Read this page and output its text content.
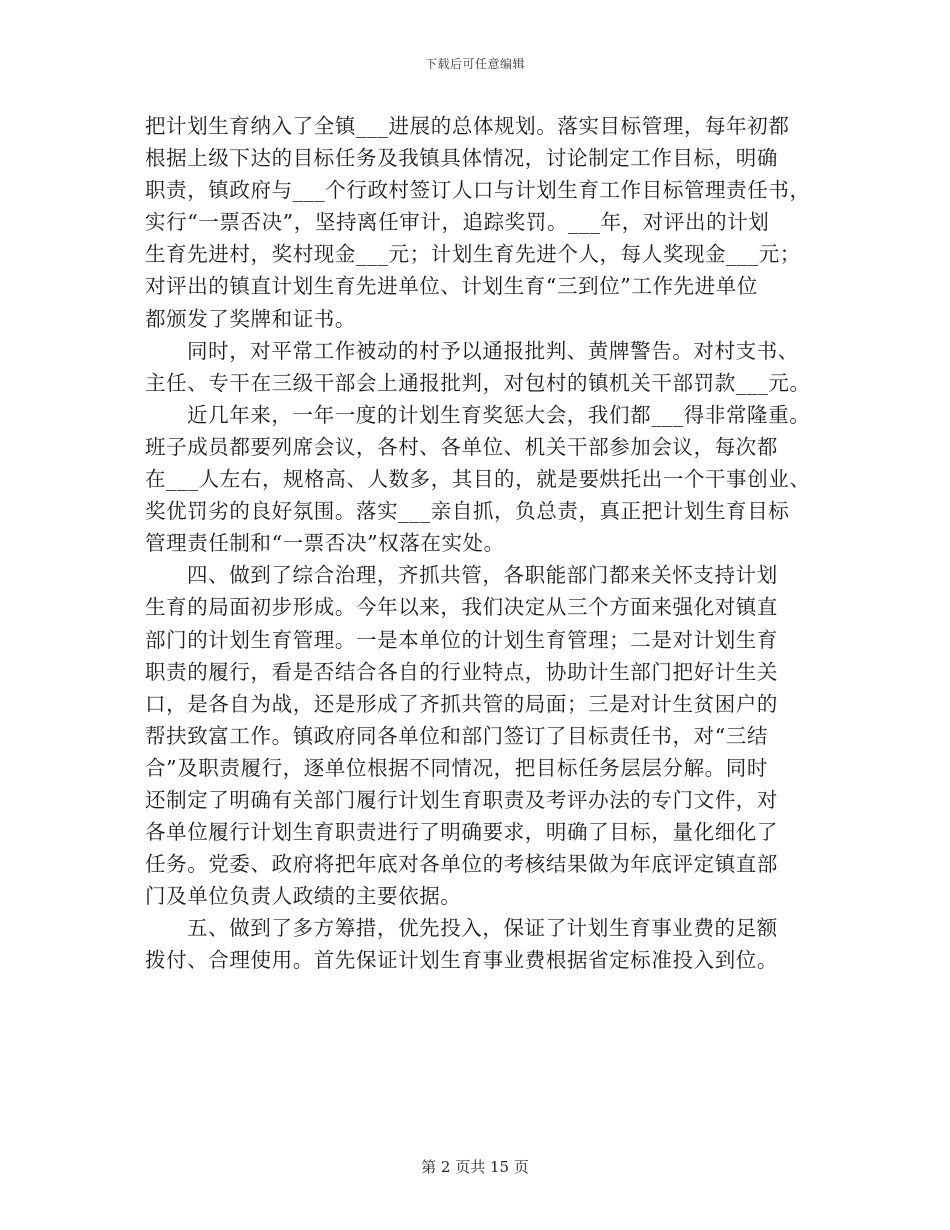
下载后可任意编辑
把计划生育纳入了全镇___进展的总体规划。落实目标管理，每年初都
根据上级下达的目标任务及我镇具体情况，讨论制定工作目标，明确
职责，镇政府与___个行政村签订人口与计划生育工作目标管理责任书，
实行“一票否决”，坚持离任审计，追踪奖罚。___年，对评出的计划
生育先进村，奖村现金___元；计划生育先进个人，每人奖现金___元；
对评出的镇直计划生育先进单位、计划生育“三到位”工作先进单位
都颁发了奖牌和证书。
同时，对平常工作被动的村予以通报批判、黄牌警告。对村支书、
主任、专干在三级干部会上通报批判，对包村的镇机关干部罚款___元。
近几年来，一年一度的计划生育奖惩大会，我们都___得非常隆重。
班子成员都要列席会议，各村、各单位、机关干部参加会议，每次都
在___人左右，规格高、人数多，其目的，就是要烘托出一个干事创业、
奖优罚劣的良好氛围。落实___亲自抓，负总责，真正把计划生育目标
管理责任制和“一票否决”权落在实处。
四、做到了综合治理，齐抓共管，各职能部门都来关怀支持计划
生育的局面初步形成。今年以来，我们决定从三个方面来强化对镇直
部门的计划生育管理。一是本单位的计划生育管理；二是对计划生育
职责的履行，看是否结合各自的行业特点，协助计生部门把好计生关
口，是各自为战，还是形成了齐抓共管的局面；三是对计生贫困户的
帮扶致富工作。镇政府同各单位和部门签订了目标责任书，对“三结
合”及职责履行，逐单位根据不同情况，把目标任务层层分解。同时
还制定了明确有关部门履行计划生育职责及考评办法的专门文件，对
各单位履行计划生育职责进行了明确要求，明确了目标，量化细化了
任务。党委、政府将把年底对各单位的考核结果做为年底评定镇直部
门及单位负责人政绩的主要依据。
五、做到了多方筹措，优先投入，保证了计划生育事业费的足额
拨付、合理使用。首先保证计划生育事业费根据省定标准投入到位。
第 2 页共 15 页
